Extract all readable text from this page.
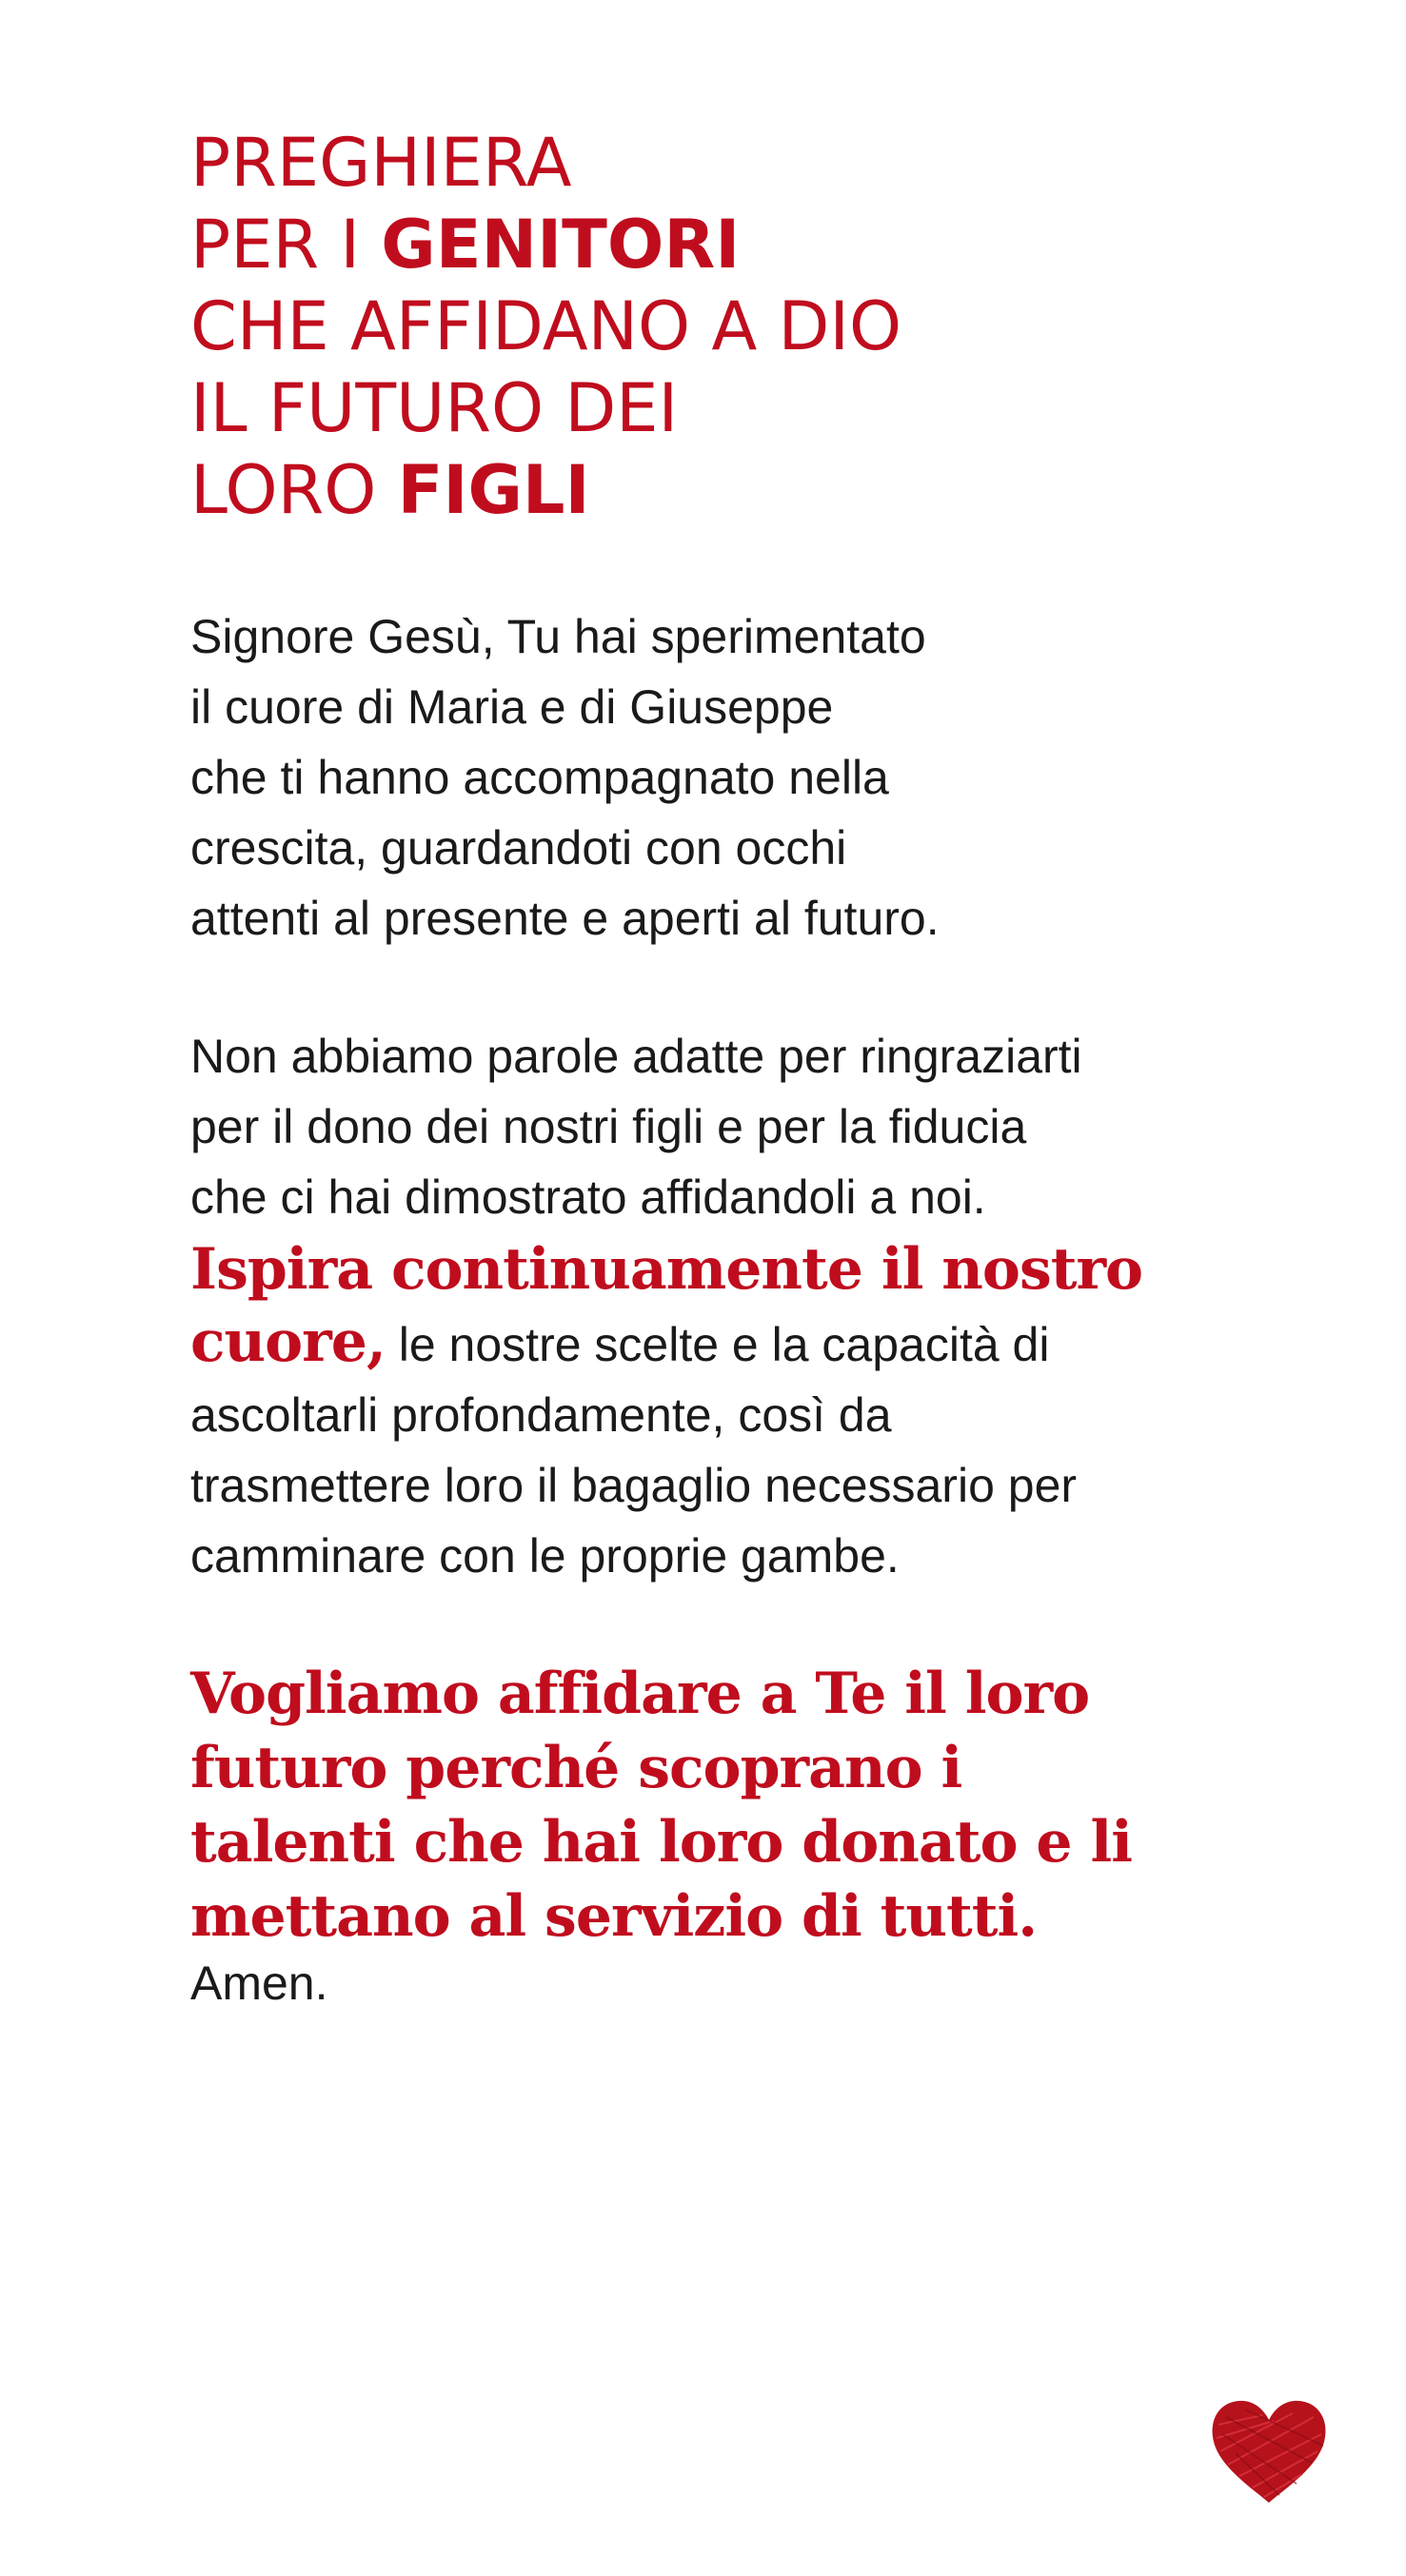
PREGHIERA
PER I GENITORI
CHE AFFIDANO A DIO
IL FUTURO DEI
LORO FIGLI

Signore Gesù, Tu hai sperimentato
il cuore di Maria e di Giuseppe
che ti hanno accompagnato nella
crescita, guardandoti con occhi
attenti al presente e aperti al futuro.

Non abbiamo parole adatte per ringraziarti
per il dono dei nostri figli e per la fiducia
che ci hai dimostrato affidandoli a noi.
Ispira continuamente il nostro
cuore, le nostre scelte e la capacità di
ascoltarli profondamente, così da
trasmettere loro il bagaglio necessario per
camminare con le proprie gambe.

Vogliamo affidare a Te il loro
futuro perché scoprano i
talenti che hai loro donato e li
mettano al servizio di tutti.
Amen.
